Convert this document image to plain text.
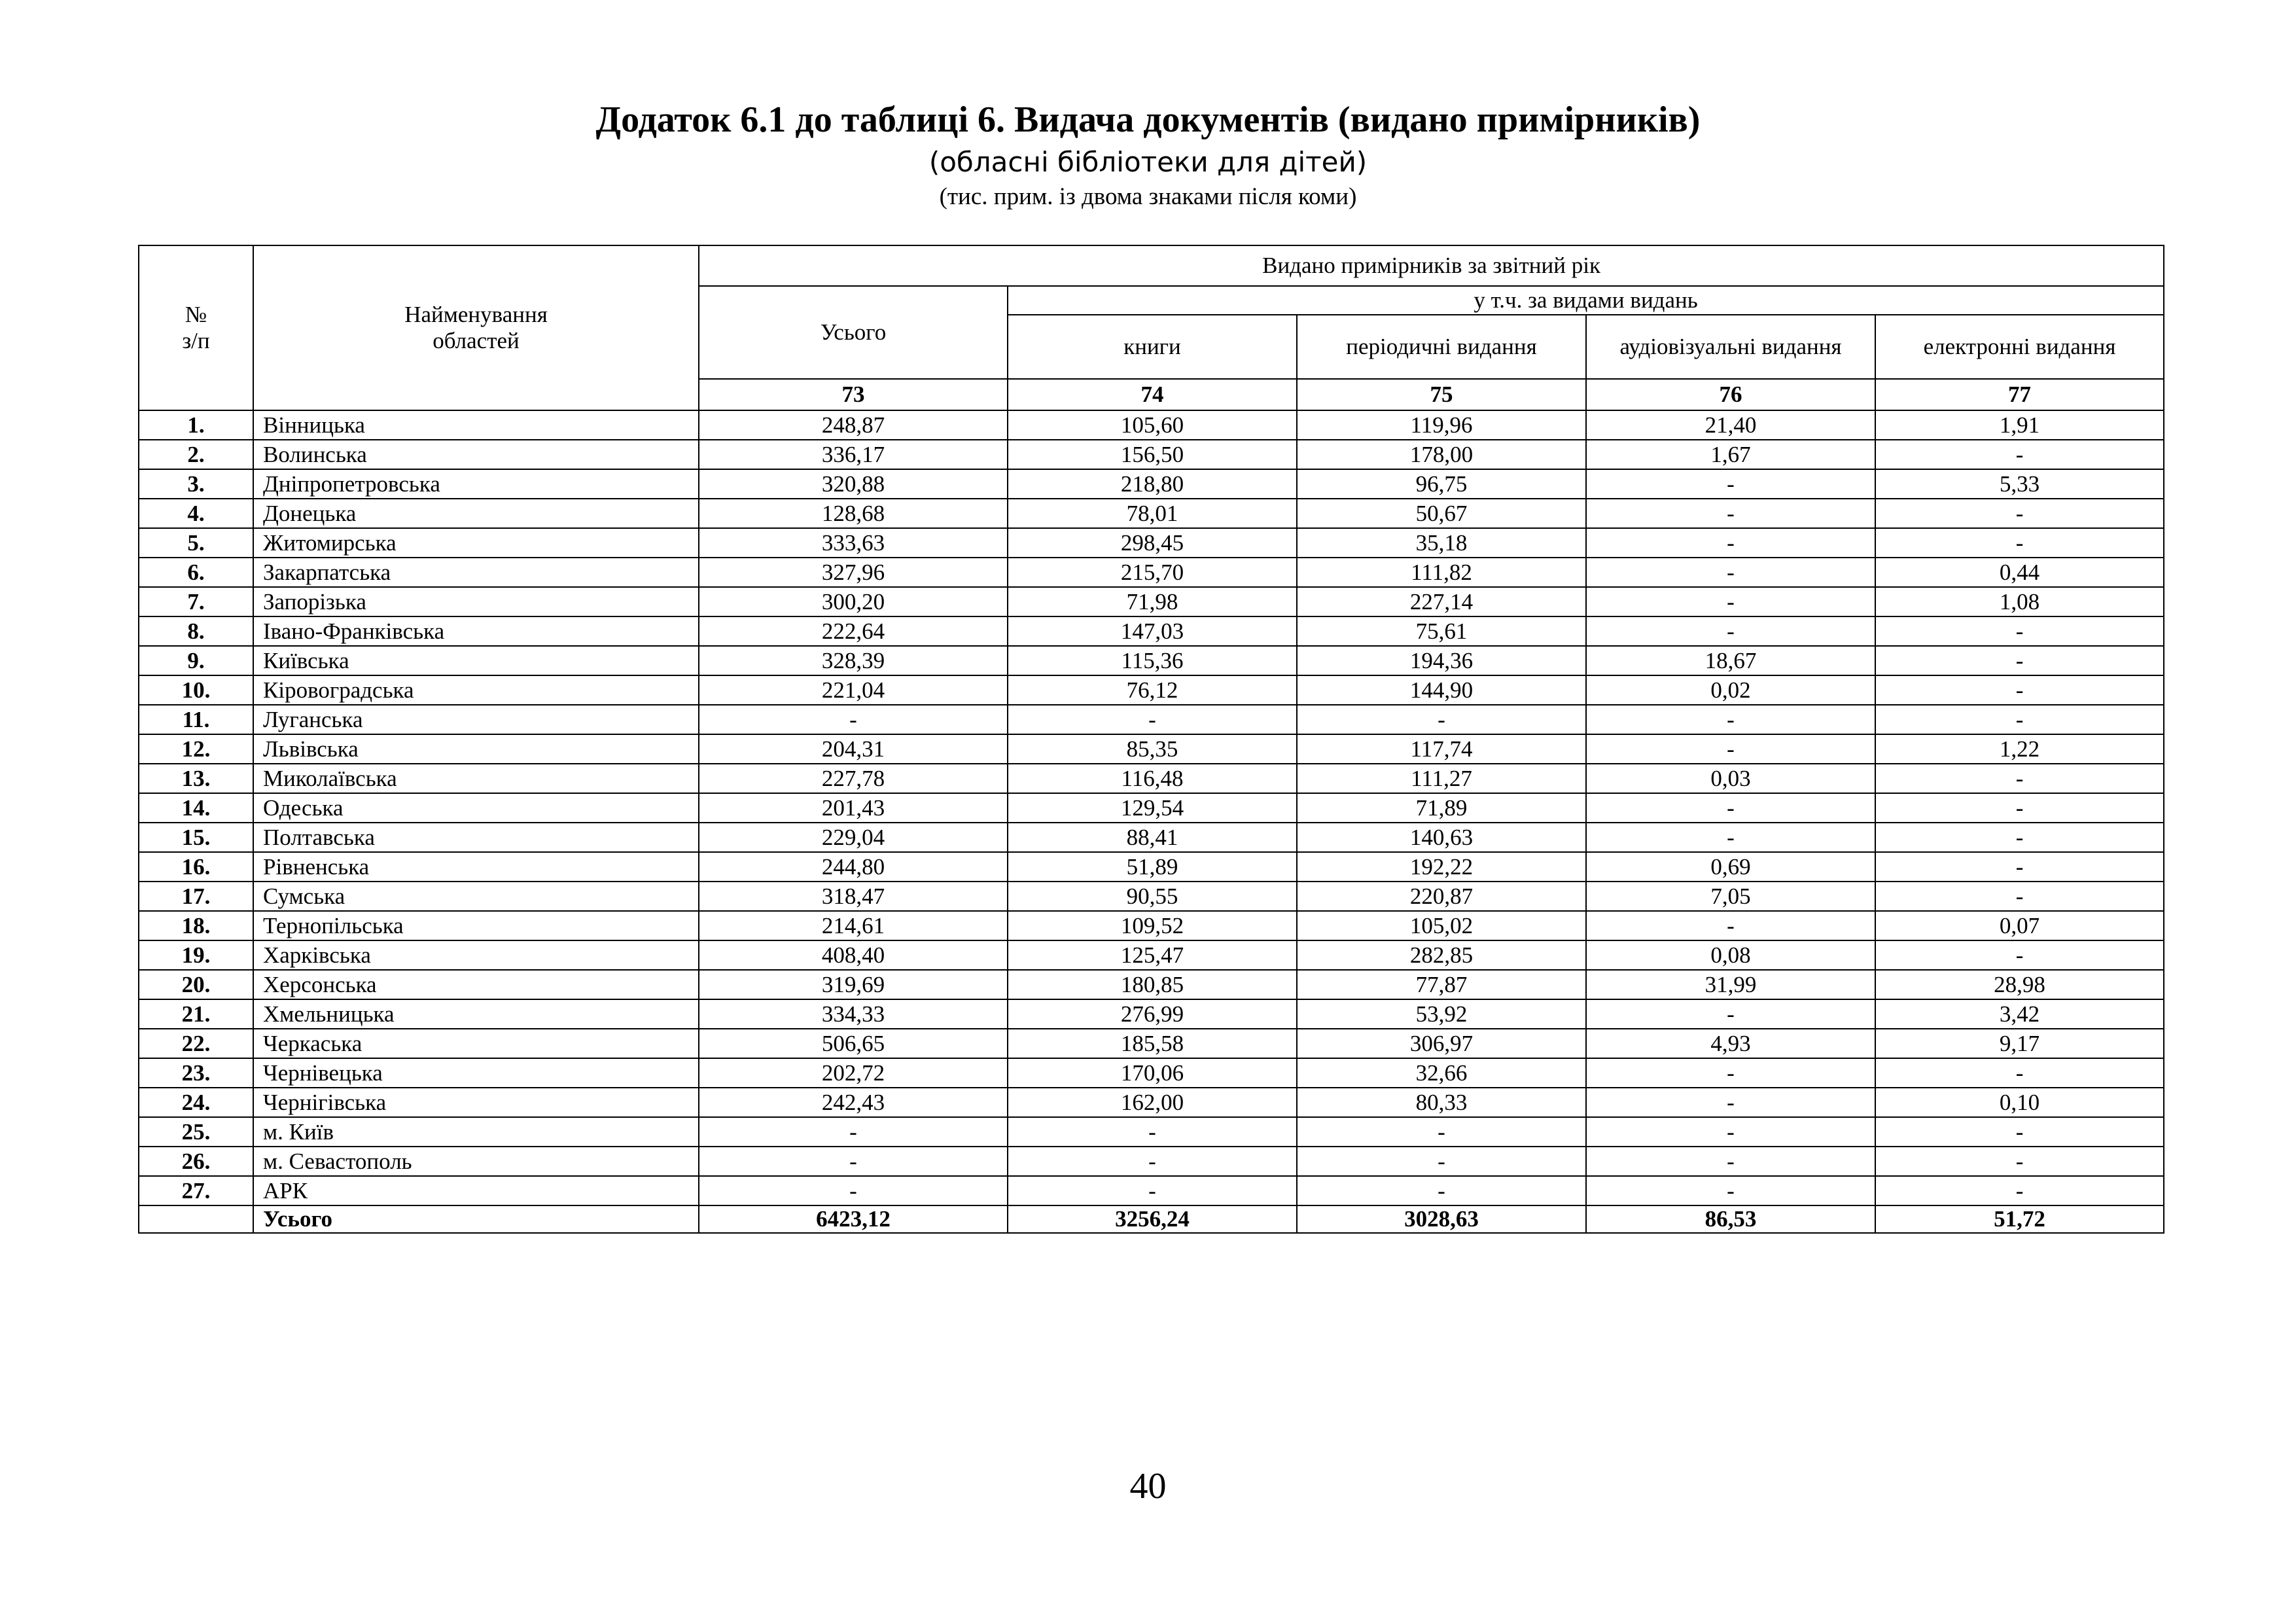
Додаток 6.1 до таблиці 6. Видача документів (видано примірників)
(обласні бібліотеки для дітей)
(тис. прим. із двома знаками після коми)
№
з/п	Найменування
областей	Видано примірників за звітний рік				
		Усього	у т.ч. за видами видань			
			книги	періодичні видання	аудіовізуальні видання	електронні видання
		73	74	75	76	77
1.	Вінницька	248,87	105,60	119,96	21,40	1,91
2.	Волинська	336,17	156,50	178,00	1,67	-
3.	Дніпропетровська	320,88	218,80	96,75	-	5,33
4.	Донецька	128,68	78,01	50,67	-	-
5.	Житомирська	333,63	298,45	35,18	-	-
6.	Закарпатська	327,96	215,70	111,82	-	0,44
7.	Запорізька	300,20	71,98	227,14	-	1,08
8.	Івано-Франківська	222,64	147,03	75,61	-	-
9.	Київська	328,39	115,36	194,36	18,67	-
10.	Кіровоградська	221,04	76,12	144,90	0,02	-
11.	Луганська	-	-	-	-	-
12.	Львівська	204,31	85,35	117,74	-	1,22
13.	Миколаївська	227,78	116,48	111,27	0,03	-
14.	Одеська	201,43	129,54	71,89	-	-
15.	Полтавська	229,04	88,41	140,63	-	-
16.	Рівненська	244,80	51,89	192,22	0,69	-
17.	Сумська	318,47	90,55	220,87	7,05	-
18.	Тернопільська	214,61	109,52	105,02	-	0,07
19.	Харківська	408,40	125,47	282,85	0,08	-
20.	Херсонська	319,69	180,85	77,87	31,99	28,98
21.	Хмельницька	334,33	276,99	53,92	-	3,42
22.	Черкаська	506,65	185,58	306,97	4,93	9,17
23.	Чернівецька	202,72	170,06	32,66	-	-
24.	Чернігівська	242,43	162,00	80,33	-	0,10
25.	м. Київ	-	-	-	-	-
26.	м. Севастополь	-	-	-	-	-
27.	АРК	-	-	-	-	-
	Усього	6423,12	3256,24	3028,63	86,53	51,72
40
